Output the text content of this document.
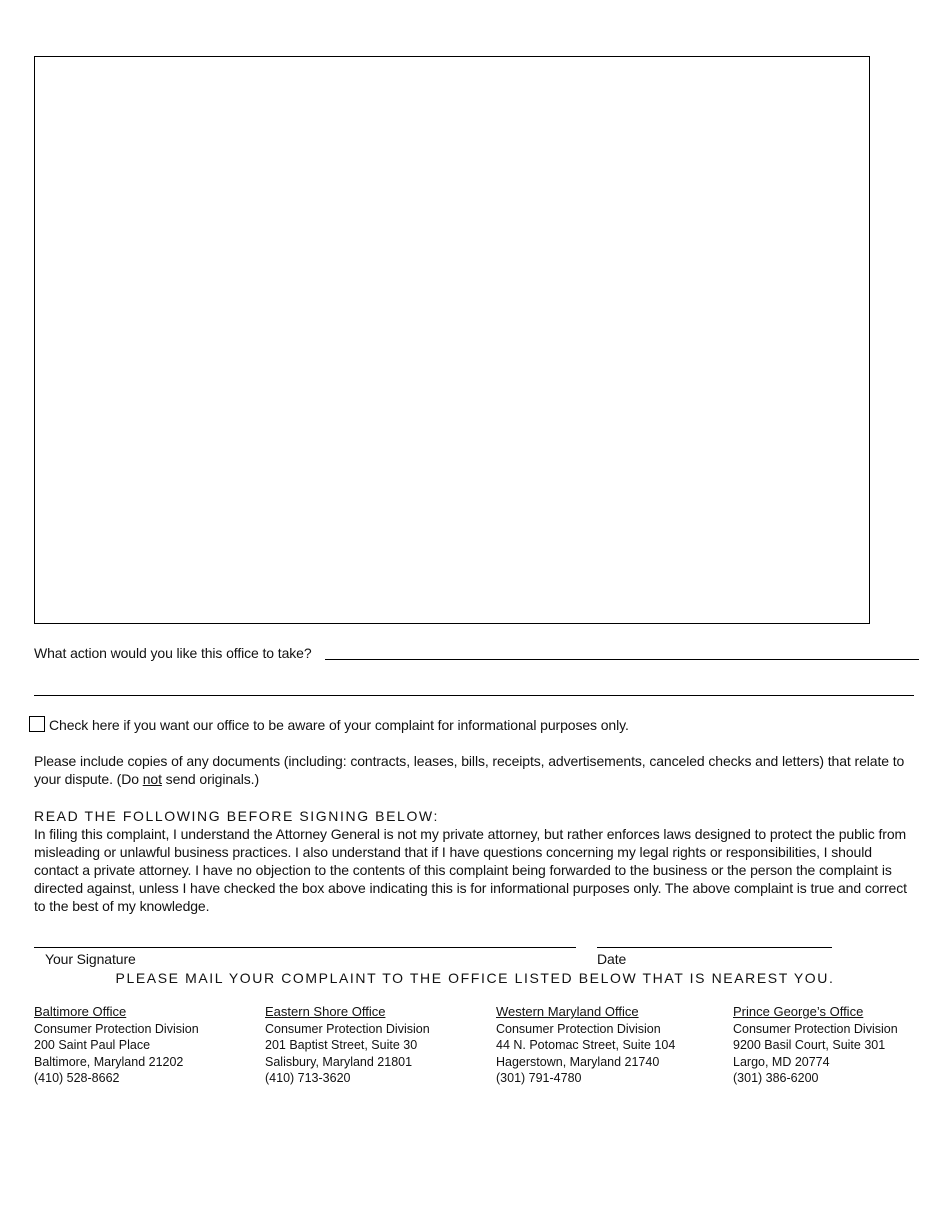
What action would you like this office to take?
Check here if you want our office to be aware of your complaint for informational purposes only.
Please include copies of any documents (including: contracts, leases, bills, receipts, advertisements, canceled checks and letters) that relate to your dispute. (Do not send originals.)
READ THE FOLLOWING BEFORE SIGNING BELOW:
In filing this complaint, I understand the Attorney General is not my private attorney, but rather enforces laws designed to protect the public from misleading or unlawful business practices. I also understand that if I have questions concerning my legal rights or responsibilities, I should contact a private attorney. I have no objection to the contents of this complaint being forwarded to the business or the person the complaint is directed against, unless I have checked the box above indicating this is for informational purposes only. The above complaint is true and correct to the best of my knowledge.
Your Signature	Date
PLEASE MAIL YOUR COMPLAINT TO THE OFFICE LISTED BELOW THAT IS NEAREST YOU.
Baltimore Office
Consumer Protection Division
200 Saint Paul Place
Baltimore, Maryland 21202
(410) 528-8662
Eastern Shore Office
Consumer Protection Division
201 Baptist Street, Suite 30
Salisbury, Maryland 21801
(410) 713-3620
Western Maryland Office
Consumer Protection Division
44 N. Potomac Street, Suite 104
Hagerstown, Maryland 21740
(301) 791-4780
Prince George’s Office
Consumer Protection Division
9200 Basil Court, Suite 301
Largo, MD 20774
(301) 386-6200
